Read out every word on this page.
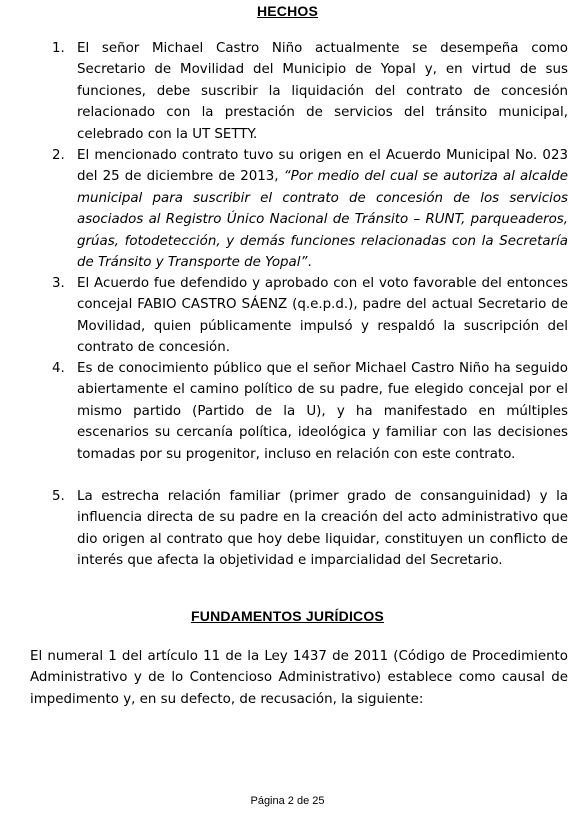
HECHOS
1. El señor Michael Castro Niño actualmente se desempeña como Secretario de Movilidad del Municipio de Yopal y, en virtud de sus funciones, debe suscribir la liquidación del contrato de concesión relacionado con la prestación de servicios del tránsito municipal, celebrado con la UT SETTY.
2. El mencionado contrato tuvo su origen en el Acuerdo Municipal No. 023 del 25 de diciembre de 2013, “Por medio del cual se autoriza al alcalde municipal para suscribir el contrato de concesión de los servicios asociados al Registro Único Nacional de Tránsito – RUNT, parqueaderos, grúas, fotodetección, y demás funciones relacionadas con la Secretaría de Tránsito y Transporte de Yopal”.
3. El Acuerdo fue defendido y aprobado con el voto favorable del entonces concejal FABIO CASTRO SÁENZ (q.e.p.d.), padre del actual Secretario de Movilidad, quien públicamente impulsó y respaldó la suscripción del contrato de concesión.
4. Es de conocimiento público que el señor Michael Castro Niño ha seguido abiertamente el camino político de su padre, fue elegido concejal por el mismo partido (Partido de la U), y ha manifestado en múltiples escenarios su cercanía política, ideológica y familiar con las decisiones tomadas por su progenitor, incluso en relación con este contrato.
5. La estrecha relación familiar (primer grado de consanguinidad) y la influencia directa de su padre en la creación del acto administrativo que dio origen al contrato que hoy debe liquidar, constituyen un conflicto de interés que afecta la objetividad e imparcialidad del Secretario.
FUNDAMENTOS JURÍDICOS
El numeral 1 del artículo 11 de la Ley 1437 de 2011 (Código de Procedimiento Administrativo y de lo Contencioso Administrativo) establece como causal de impedimento y, en su defecto, de recusación, la siguiente:
Página 2 de 25
